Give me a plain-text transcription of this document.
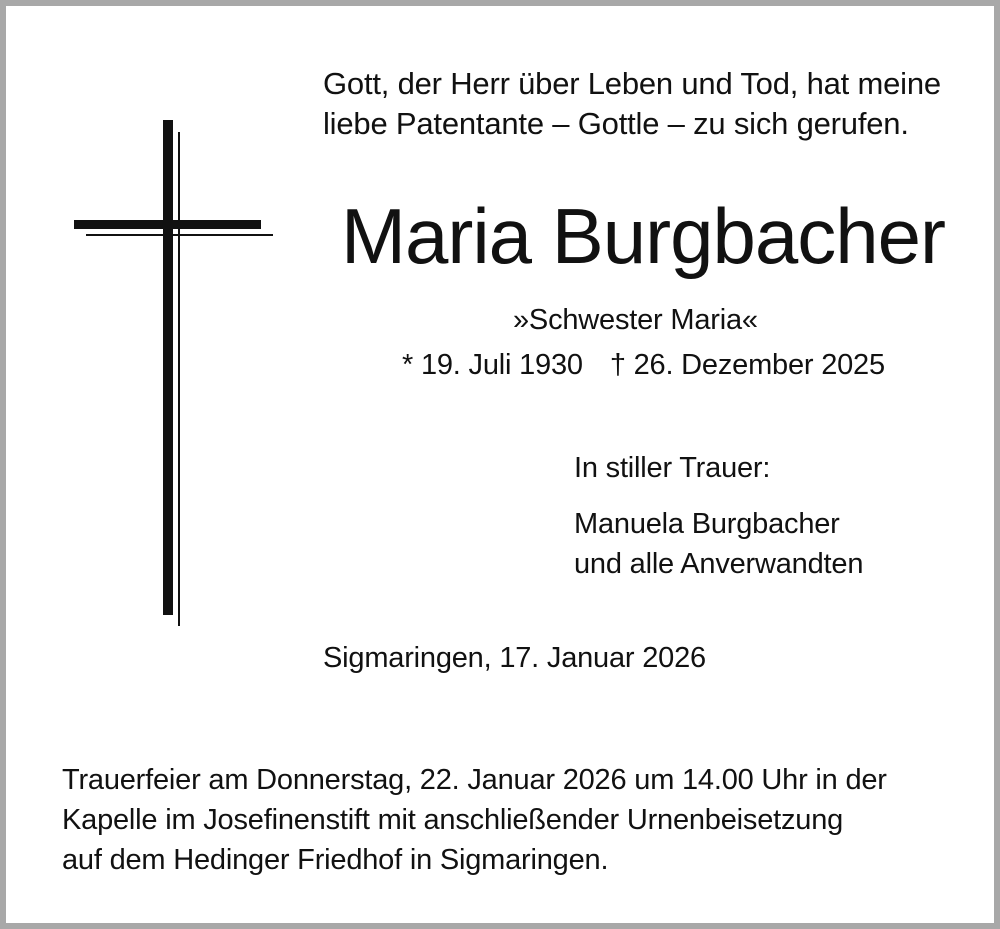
Gott, der Herr über Leben und Tod, hat meine
liebe Patentante – Gottle – zu sich gerufen.
Maria Burgbacher
»Schwester Maria«
* 19. Juli 1930 † 26. Dezember 2025
In stiller Trauer:
Manuela Burgbacher
und alle Anverwandten
Sigmaringen, 17. Januar 2026
Trauerfeier am Donnerstag, 22. Januar 2026 um 14.00 Uhr in der
Kapelle im Josefinenstift mit anschließender Urnenbeisetzung
auf dem Hedinger Friedhof in Sigmaringen.
